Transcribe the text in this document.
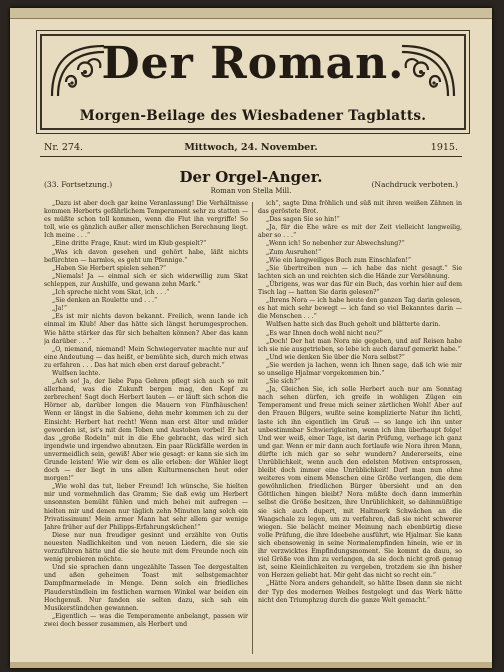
Der Roman.
Morgen-Beilage des Wiesbadener Tagblatts.
Nr. 274.	Mittwoch, 24. November.	1915.
Der Orgel-Anger.
Roman von Stella Mill.
(33. Fortsetzung.)	(Nachdruck verboten.)

„Dazu ist aber doch gar keine Veranlassung! Die Verhältnisse kommen Herberts gefährlichem Temperament sehr zu statten — es müßte schon toll kommen, wenn die Flut ihn vergriffe! So toll, wie es gänzlich außer aller menschlichen Berechnung liegt. Ich meine . . .“

„Eine dritte Frage, Knut: wird im Klub gespielt?“

„Was ich davon gesehen und gehört habe, läßt nichts befürchten — harmlos, es geht um Pfennige.“

„Haben Sie Herbert spielen sehen?“

„Niemals! Ja — einmal sich er sich widerwillig zum Skat schleppen, zur Aushilfe, und gewann zehn Mark.“

„Ich spreche nicht vom Skat, ich . . .“

„Sie denken an Roulette und . . .“

„Ja!“

„Es ist mir nichts davon bekannt. Freilich, wenn lande ich einmal im Klub! Aber das hätte sich längst herumgesprochen. Wie hätte stärker das für sich behalten können? Aber das kann ja darüber . . .“

„O, niemand, niemand! Mein Schwiegervater machte nur auf eine Andeutung — das heißt, er bemühte sich, durch mich etwas zu erfahren . . . Das hat mich eben erst darauf gebracht.“

Wulfsen lachte.

„Ach so! Ja, der liebe Papa Gehren pflegt sich auch so mit allerhand, was die Zukunft bergen mag, den Kopf zu zerbrechen! Sagt doch Herbert lauten — er läuft sich schon die Hörner ab, darüber longen die Mauern von Fünfhäuschen! Wenn er längst in die Sabiene, dehn mehr kommen ich zu der Einsicht: Herbert hat recht! Wenn man erst älter und müder geworden ist, ist's mit dem Toben und Austoben vorbei! Er hat das „große Rodeln“ mit in die Ehe gebracht, das wird sich irgendwie und irgendwo abnutzen. Ein paar Rückfälle werden in unvermeidlich sein, gewiß! Aber wie gesagt: er kann sie sich im Grunde leisten! Wie wir dem es alle erleben: der Wähler liegt doch — der liegt in uns allen Kulturmenschen heut oder morgen!“

„Wie wohl das tut, lieber Freund! Ich wünsche, Sie hielten mir und vormehmlich das Gramm; Sie daß ewig um Herbert unsonnsten bemüht fühlen und mich behei mit aufregen — hielten mir und denen nur täglich zehn Minuten lang solch ein Privatissimum! Mein armer Mann hat sehr allem gar wenige Jahre früher auf der Philipps-Erfahrungsküchen!“

Diese nur nun freudiger gesinnt und erzählte von Outis neuesten Nadlichkeiten und von neuen Liedern, die sie sie vorzuführen hätte und die sie heute mit dem Freunde noch ein wenig probieren möchte.

Und sie sprachen dann ungezählte Tassen Tee dergestalten und aßen geheimen Toast mit selbstgemachter Dampfmarmelade in Menge. Denn solch ein friedliches Plauderstündlein im festlichen warmen Winkel war beiden ein Hochgenuß. Nur fanden sie selten dazu, sich sah ein Musikerstündchen gewannen.

„Eigentlich — was die Temperamente anbelangt, passen wir zwei doch besser zusammen, als Herbert und

ich“, sagte Dina fröhlich und süß mit ihren weißen Zähnen in das geröstete Brot.

„Das sagen Sie so hin!“

„Ja, für die Ehe wäre es mit der Zeit vielleicht langweilig, aber so . . .“

„Wenn ich! So nebenher zur Abwechslung?“

„Zum Ausruhen!“

„Wie ein langweiliges Buch zum Einschlafen!“

„Sie übertreiben nun — ich habe das nicht gesagt.“ Sie lachten sich an und reichten sich die Hände zur Versöhnung.

„Übrigens, was war das für ein Buch, das vorhin hier auf dem Tisch lag — hatten Sie darin gelesen?“

„Ihrens Nora — ich habe heute den ganzen Tag darin gelesen, es hat mich sehr bewegt — ich fand so viel Bekanntes darin — die Menschen . . .“

Wulfsen hatte sich das Buch geholt und blätterte darin.

„Es war Ihnen doch wohl nicht neu?“

„Doch! Der hat man Nora nie gegeben, und auf Reisen habe ich sie nie ausgetrieben, so lebe ich auch darauf gemerkt habe.“

„Und wie denken Sie über die Nora selbst?“

„Sie werden ja lachen, wenn ich Ihnen sage, daß ich wie mir so unselige Hjalmar vorgekommen bin.“

„Sie sich?“

„Ja, Gleichen Sie, ich solle Herbert auch nur am Sonntag nach sehen dürfen, ich greife in wohligen Zügen ein Temperament und freue mich seiner zärtlichen Wohl! Aber auf den Frauen Bilgers, wußte seine komplizierte Natur ihn lichtl, laste ich ihn eigentlich im Gruß — so lange ich ihn unter unbestimmbar Schwierigkeiten, wenn ich ihm überhaupt folge! Und wer weiß, einer Tage, ist darin Prüfung, verhage ich ganz und gar. Wenn er mir dann auch fortlaufe wie Nora ihren Mann, dürfte ich mich gar so sehr wundern? Andererseits, eine Unrüblichkeit, wenn auch den edelsten Motiven entsprossen, bleibt doch immer eine Unrüblichkeit! Darf man nun ohne weiteres vom einem Menschen eine Größe verlangen, die dem gewöhnlichen friedlichen Bürger übersieht und an den Göttlichen hingen bleibt? Nora müßte doch dann immerhin selbst die Größe besitzen, ihre Unrüblichkeit, so dahinmüßtige sie sich auch dupert, mit Haltmerk Schwächen an die Waagschale zu legen, um zu verfahren, daß sie nicht schwerer wiegen. Sie belächt meiner Meinung nach ebenbürtig diese volle Prüfung, die ihre Ideebehe ausführt, wie Hjalmar. Sie kann sich ebensowenig in seine Normalempfinden hinein, wie er in ihr verzwicktes Empfindungsmoment. Sie kommt da dauu, so viel Größe von ihm zu verlangen, da sie doch nicht groß genug ist, seine Kleinlichkeiten zu vergeben, trotzdem sie ihn bisher von Herzen geliebt hat. Mir geht das nicht so recht ein.“

„Hätte Nora anders gehandelt, so hätte Ibsen dann sie nicht der Typ des modernen Weibes festgelegt und das Werk hätte nicht den Triumphzug durch die ganze Welt gemacht.“
